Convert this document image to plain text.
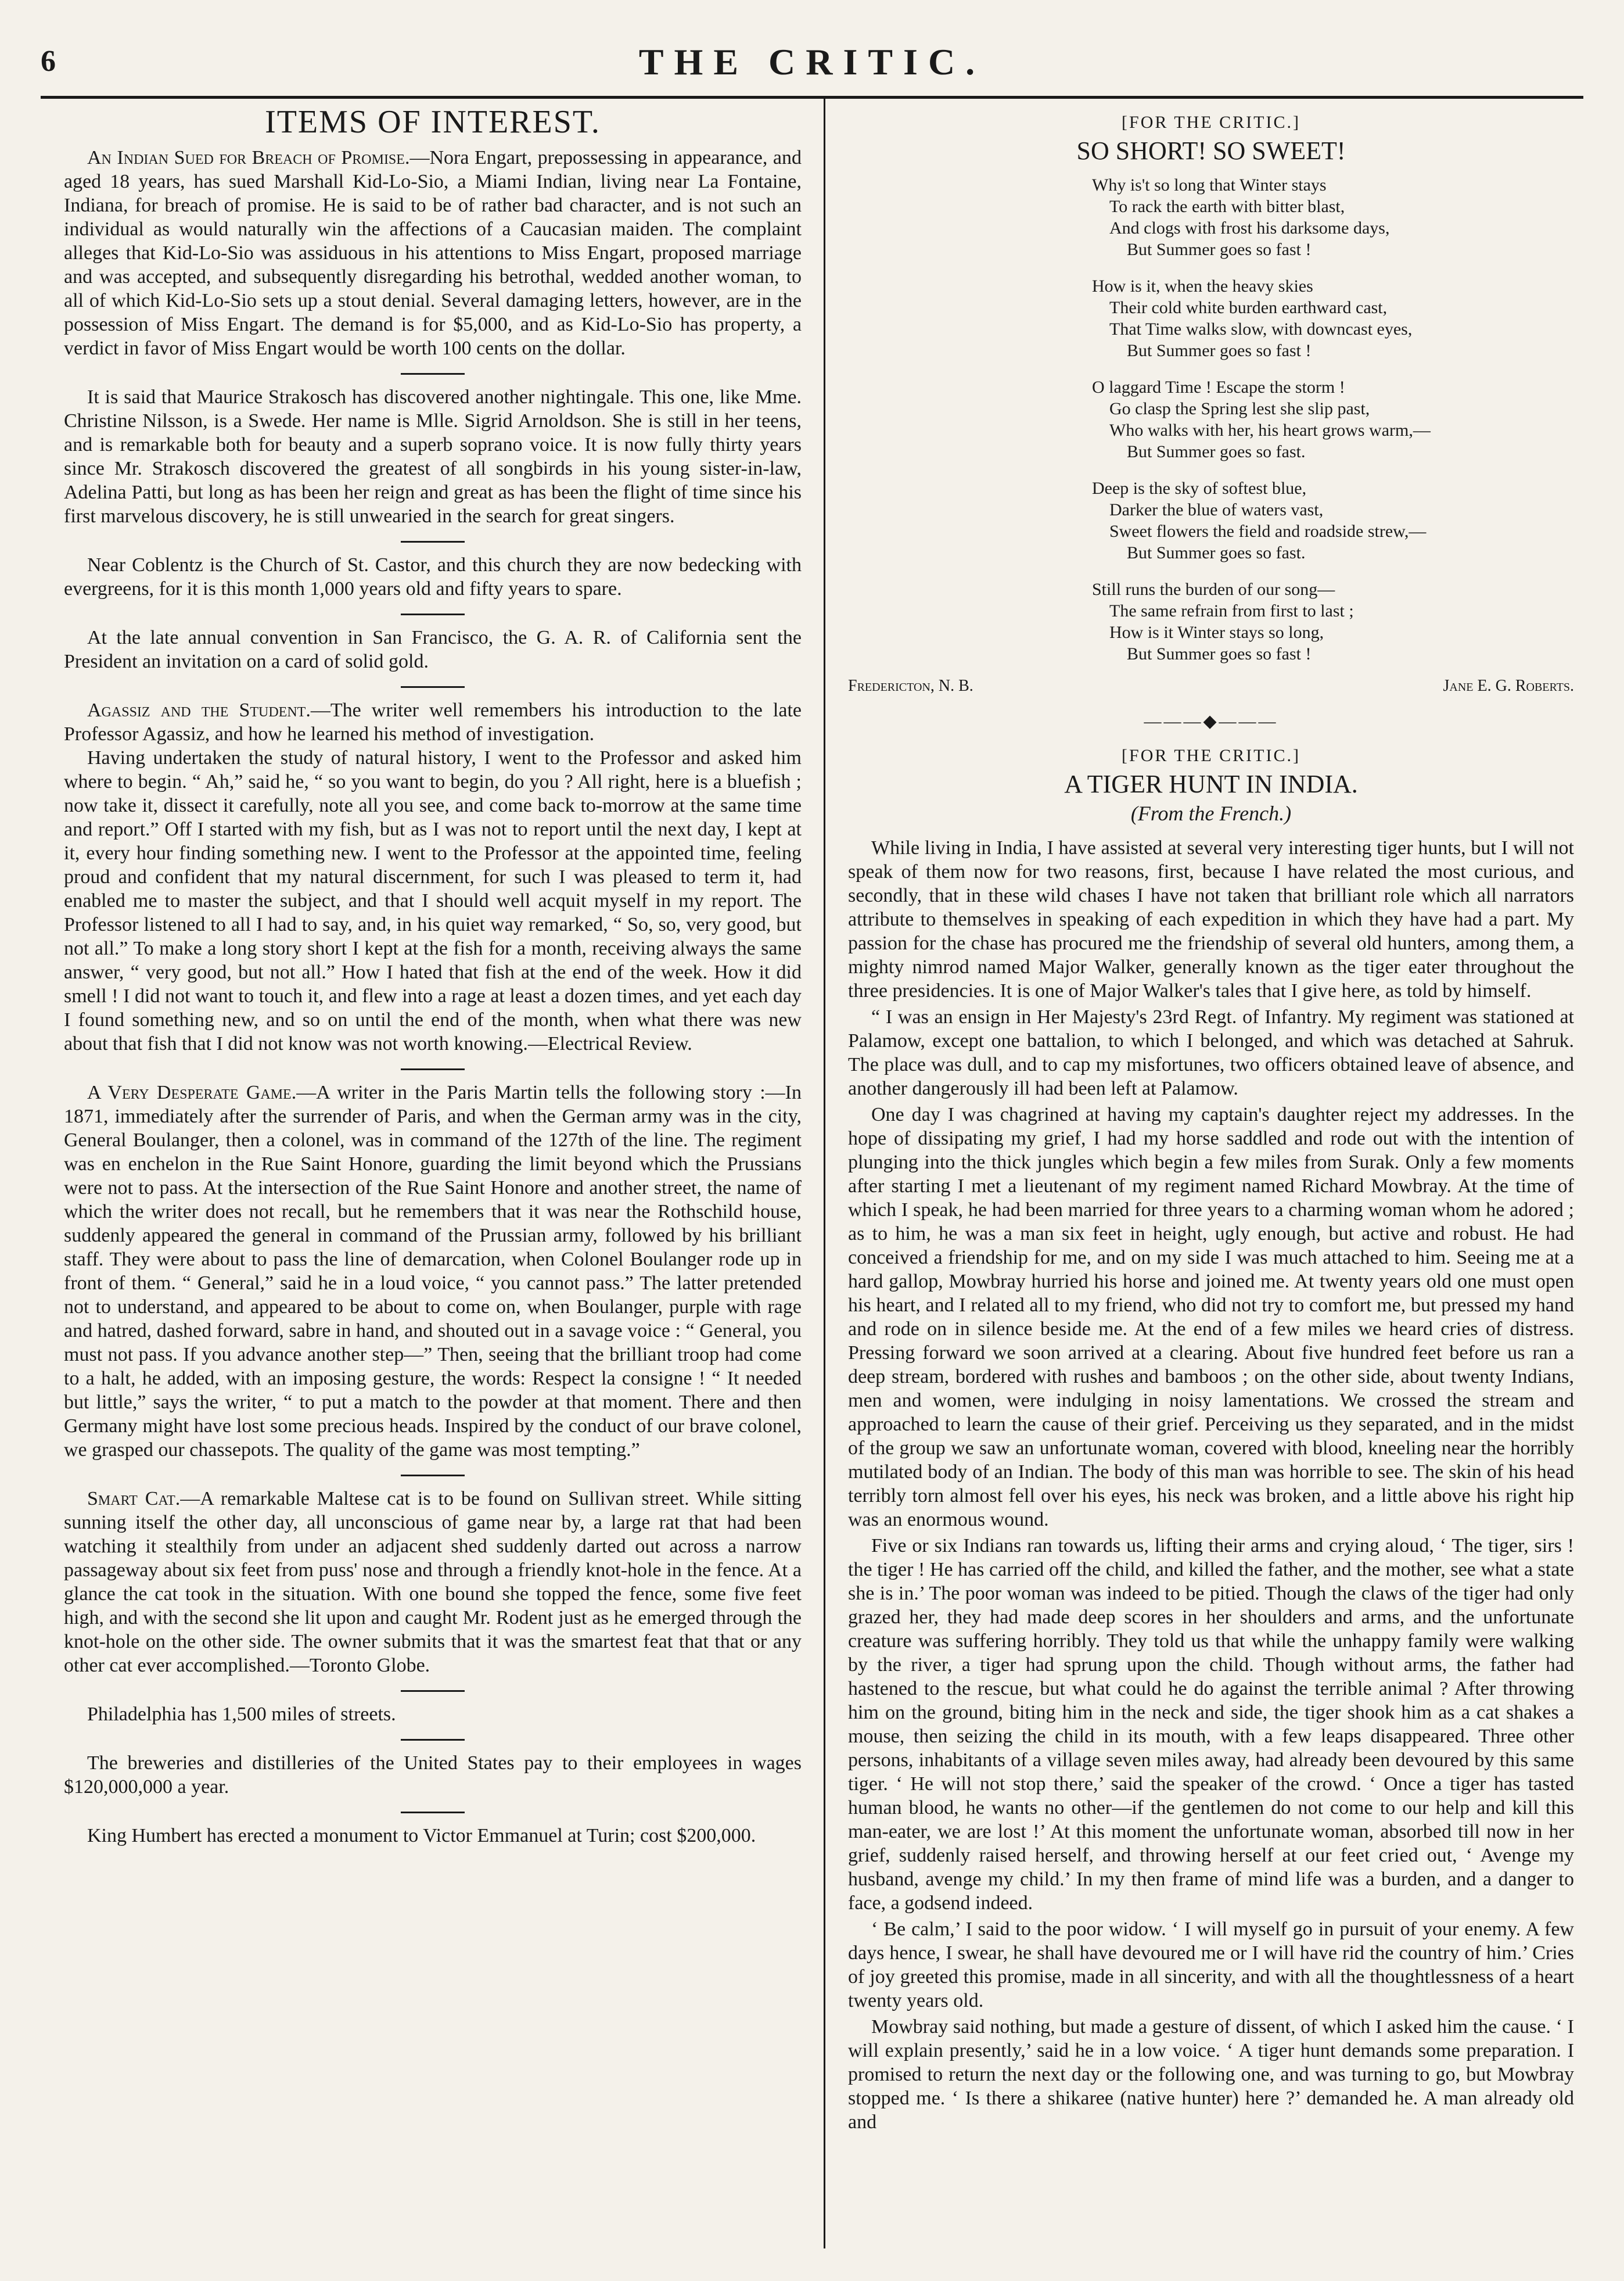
6	THE CRITIC.
ITEMS OF INTEREST.

An Indian Sued for Breach of Promise.—Nora Engart, prepossessing in appearance, and aged 18 years, has sued Marshall Kid-Lo-Sio, a Miami Indian, living near La Fontaine, Indiana, for breach of promise. He is said to be of rather bad character, and is not such an individual as would naturally win the affections of a Caucasian maiden. The complaint alleges that Kid-Lo-Sio was assiduous in his attentions to Miss Engart, proposed marriage and was accepted, and subsequently disregarding his betrothal, wedded another woman, to all of which Kid-Lo-Sio sets up a stout denial. Several damaging letters, however, are in the possession of Miss Engart. The demand is for $5,000, and as Kid-Lo-Sio has property, a verdict in favor of Miss Engart would be worth 100 cents on the dollar.

It is said that Maurice Strakosch has discovered another nightingale. This one, like Mme. Christine Nilsson, is a Swede. Her name is Mlle. Sigrid Arnoldson. She is still in her teens, and is remarkable both for beauty and a superb soprano voice. It is now fully thirty years since Mr. Strakosch discovered the greatest of all songbirds in his young sister-in-law, Adelina Patti, but long as has been her reign and great as has been the flight of time since his first marvelous discovery, he is still unwearied in the search for great singers.

Near Coblentz is the Church of St. Castor, and this church they are now bedecking with evergreens, for it is this month 1,000 years old and fifty years to spare.

At the late annual convention in San Francisco, the G. A. R. of California sent the President an invitation on a card of solid gold.

Agassiz and the Student.—The writer well remembers his introduction to the late Professor Agassiz, and how he learned his method of investigation.

Having undertaken the study of natural history, I went to the Professor and asked him where to begin. “ Ah,” said he, “ so you want to begin, do you ? All right, here is a bluefish ; now take it, dissect it carefully, note all you see, and come back to-morrow at the same time and report.” Off I started with my fish, but as I was not to report until the next day, I kept at it, every hour finding something new. I went to the Professor at the appointed time, feeling proud and confident that my natural discernment, for such I was pleased to term it, had enabled me to master the subject, and that I should well acquit myself in my report. The Professor listened to all I had to say, and, in his quiet way remarked, “ So, so, very good, but not all.” To make a long story short I kept at the fish for a month, receiving always the same answer, “ very good, but not all.” How I hated that fish at the end of the week. How it did smell ! I did not want to touch it, and flew into a rage at least a dozen times, and yet each day I found something new, and so on until the end of the month, when what there was new about that fish that I did not know was not worth knowing.—Electrical Review.

A Very Desperate Game.—A writer in the Paris Martin tells the following story :—In 1871, immediately after the surrender of Paris, and when the German army was in the city, General Boulanger, then a colonel, was in command of the 127th of the line. The regiment was en enchelon in the Rue Saint Honore, guarding the limit beyond which the Prussians were not to pass. At the intersection of the Rue Saint Honore and another street, the name of which the writer does not recall, but he remembers that it was near the Rothschild house, suddenly appeared the general in command of the Prussian army, followed by his brilliant staff. They were about to pass the line of demarcation, when Colonel Boulanger rode up in front of them. “ General,” said he in a loud voice, “ you cannot pass.” The latter pretended not to understand, and appeared to be about to come on, when Boulanger, purple with rage and hatred, dashed forward, sabre in hand, and shouted out in a savage voice : “ General, you must not pass. If you advance another step—” Then, seeing that the brilliant troop had come to a halt, he added, with an imposing gesture, the words: Respect la consigne ! “ It needed but little,” says the writer, “ to put a match to the powder at that moment. There and then Germany might have lost some precious heads. Inspired by the conduct of our brave colonel, we grasped our chassepots. The quality of the game was most tempting.”

Smart Cat.—A remarkable Maltese cat is to be found on Sullivan street. While sitting sunning itself the other day, all unconscious of game near by, a large rat that had been watching it stealthily from under an adjacent shed suddenly darted out across a narrow passageway about six feet from puss' nose and through a friendly knot-hole in the fence. At a glance the cat took in the situation. With one bound she topped the fence, some five feet high, and with the second she lit upon and caught Mr. Rodent just as he emerged through the knot-hole on the other side. The owner submits that it was the smartest feat that that or any other cat ever accomplished.—Toronto Globe.

Philadelphia has 1,500 miles of streets.

The breweries and distilleries of the United States pay to their employees in wages $120,000,000 a year.

King Humbert has erected a monument to Victor Emmanuel at Turin; cost $200,000.

[FOR THE CRITIC.]
SO SHORT! SO SWEET!
Why is't so long that Winter stays
To rack the earth with bitter blast,
And clogs with frost his darksome days,
But Summer goes so fast !
How is it, when the heavy skies
Their cold white burden earthward cast,
That Time walks slow, with downcast eyes,
But Summer goes so fast !
O laggard Time ! Escape the storm !
Go clasp the Spring lest she slip past,
Who walks with her, his heart grows warm,—
But Summer goes so fast.
Deep is the sky of softest blue,
Darker the blue of waters vast,
Sweet flowers the field and roadside strew,—
But Summer goes so fast.
Still runs the burden of our song—
The same refrain from first to last ;
How is it Winter stays so long,
But Summer goes so fast !
Fredericton, N. B.	Jane E. G. Roberts.
———◆———
[FOR THE CRITIC.]
A TIGER HUNT IN INDIA.
(From the French.)

While living in India, I have assisted at several very interesting tiger hunts, but I will not speak of them now for two reasons, first, because I have related the most curious, and secondly, that in these wild chases I have not taken that brilliant role which all narrators attribute to themselves in speaking of each expedition in which they have had a part. My passion for the chase has procured me the friendship of several old hunters, among them, a mighty nimrod named Major Walker, generally known as the tiger eater throughout the three presidencies. It is one of Major Walker's tales that I give here, as told by himself.

“ I was an ensign in Her Majesty's 23rd Regt. of Infantry. My regiment was stationed at Palamow, except one battalion, to which I belonged, and which was detached at Sahruk. The place was dull, and to cap my misfortunes, two officers obtained leave of absence, and another dangerously ill had been left at Palamow.

One day I was chagrined at having my captain's daughter reject my addresses. In the hope of dissipating my grief, I had my horse saddled and rode out with the intention of plunging into the thick jungles which begin a few miles from Surak. Only a few moments after starting I met a lieutenant of my regiment named Richard Mowbray. At the time of which I speak, he had been married for three years to a charming woman whom he adored ; as to him, he was a man six feet in height, ugly enough, but active and robust. He had conceived a friendship for me, and on my side I was much attached to him. Seeing me at a hard gallop, Mowbray hurried his horse and joined me. At twenty years old one must open his heart, and I related all to my friend, who did not try to comfort me, but pressed my hand and rode on in silence beside me. At the end of a few miles we heard cries of distress. Pressing forward we soon arrived at a clearing. About five hundred feet before us ran a deep stream, bordered with rushes and bamboos ; on the other side, about twenty Indians, men and women, were indulging in noisy lamentations. We crossed the stream and approached to learn the cause of their grief. Perceiving us they separated, and in the midst of the group we saw an unfortunate woman, covered with blood, kneeling near the horribly mutilated body of an Indian. The body of this man was horrible to see. The skin of his head terribly torn almost fell over his eyes, his neck was broken, and a little above his right hip was an enormous wound.

Five or six Indians ran towards us, lifting their arms and crying aloud, ‘ The tiger, sirs ! the tiger ! He has carried off the child, and killed the father, and the mother, see what a state she is in.’ The poor woman was indeed to be pitied. Though the claws of the tiger had only grazed her, they had made deep scores in her shoulders and arms, and the unfortunate creature was suffering horribly. They told us that while the unhappy family were walking by the river, a tiger had sprung upon the child. Though without arms, the father had hastened to the rescue, but what could he do against the terrible animal ? After throwing him on the ground, biting him in the neck and side, the tiger shook him as a cat shakes a mouse, then seizing the child in its mouth, with a few leaps disappeared. Three other persons, inhabitants of a village seven miles away, had already been devoured by this same tiger. ‘ He will not stop there,’ said the speaker of the crowd. ‘ Once a tiger has tasted human blood, he wants no other—if the gentlemen do not come to our help and kill this man-eater, we are lost !’ At this moment the unfortunate woman, absorbed till now in her grief, suddenly raised herself, and throwing herself at our feet cried out, ‘ Avenge my husband, avenge my child.’ In my then frame of mind life was a burden, and a danger to face, a godsend indeed.

‘ Be calm,’ I said to the poor widow. ‘ I will myself go in pursuit of your enemy. A few days hence, I swear, he shall have devoured me or I will have rid the country of him.’ Cries of joy greeted this promise, made in all sincerity, and with all the thoughtlessness of a heart twenty years old.

Mowbray said nothing, but made a gesture of dissent, of which I asked him the cause. ‘ I will explain presently,’ said he in a low voice. ‘ A tiger hunt demands some preparation. I promised to return the next day or the following one, and was turning to go, but Mowbray stopped me. ‘ Is there a shikaree (native hunter) here ?’ demanded he. A man already old and
